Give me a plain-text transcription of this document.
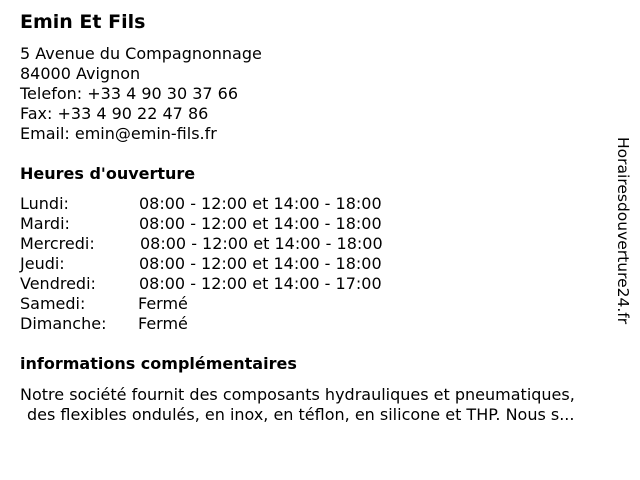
Emin Et Fils
5 Avenue du Compagnonnage
84000 Avignon
Telefon: +33 4 90 30 37 66
Fax: +33 4 90 22 47 86
Email: emin@emin-fils.fr
Heures d'ouverture
Lundi:	08:00 - 12:00 et 14:00 - 18:00
Mardi:	08:00 - 12:00 et 14:00 - 18:00
Mercredi:	08:00 - 12:00 et 14:00 - 18:00
Jeudi:	08:00 - 12:00 et 14:00 - 18:00
Vendredi:	08:00 - 12:00 et 14:00 - 17:00
Samedi:	Fermé
Dimanche: Fermé
informations complémentaires
Notre société fournit des composants hydrauliques et pneumatiques,
des flexibles ondulés, en inox, en téflon, en silicone et THP. Nous s...
Horairesdouverture24.fr
